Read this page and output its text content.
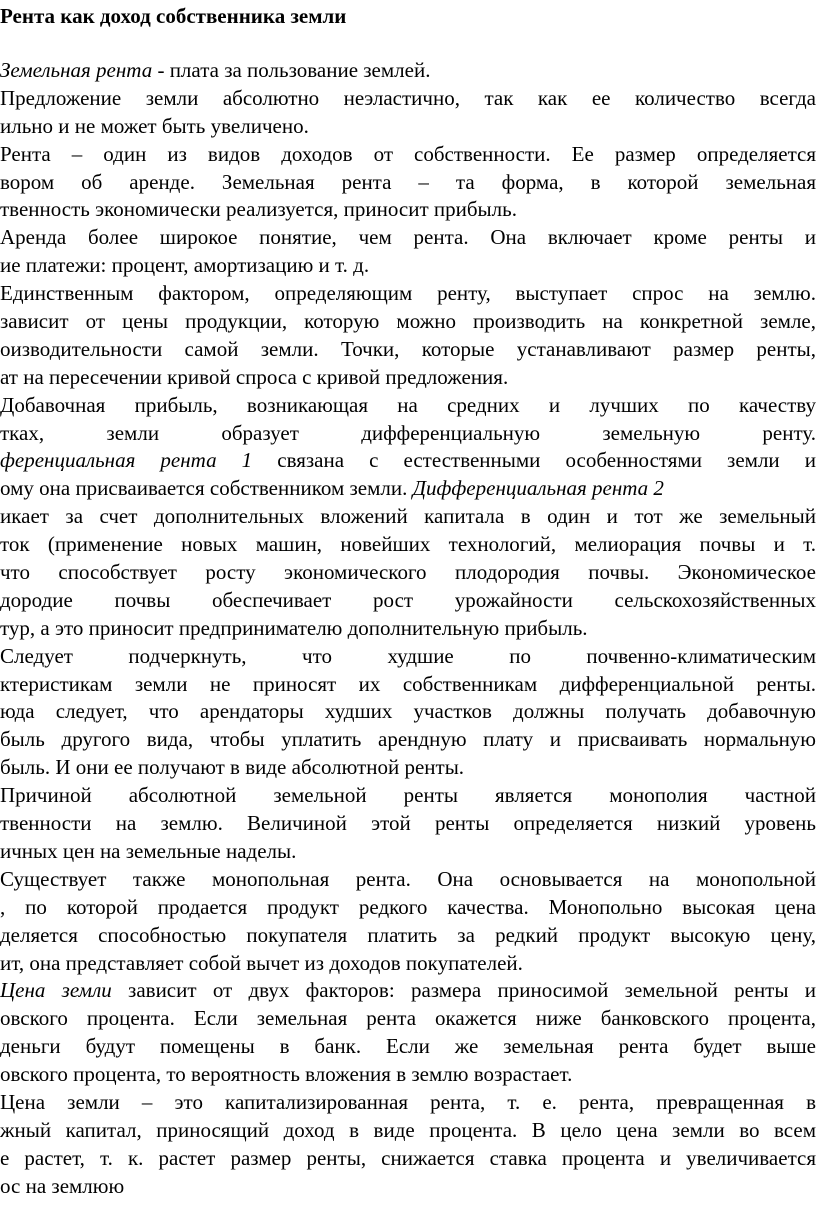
Рента как доход собственника земли
Земельная рента - плата за пользование землей.
Предложение земли абсолютно неэластично, так как ее количество всегда
ильно и не может быть увеличено.
Рента – один из видов доходов от собственности. Ее размер определяется
вором об аренде. Земельная рента – та форма, в которой земельная
твенность экономически реализуется, приносит прибыль.
Аренда более широкое понятие, чем рента. Она включает кроме ренты и
ие платежи: процент, амортизацию и т. д.
Единственным фактором, определяющим ренту, выступает спрос на землю.
зависит от цены продукции, которую можно производить на конкретной земле,
оизводительности самой земли. Точки, которые устанавливают размер ренты,
ат на пересечении кривой спроса с кривой предложения.
Добавочная прибыль, возникающая на средних и лучших по качеству
тках, земли образует дифференциальную земельную ренту.
ференциальная рента 1 связана с естественными особенностями земли и
ому она присваивается собственником земли. Дифференциальная рента 2
икает за счет дополнительных вложений капитала в один и тот же земельный
ток (применение новых машин, новейших технологий, мелиорация почвы и т.
что способствует росту экономического плодородия почвы. Экономическое
дородие почвы обеспечивает рост урожайности сельскохозяйственных
тур, а это приносит предпринимателю дополнительную прибыль.
Следует подчеркнуть, что худшие по почвенно-климатическим
ктеристикам земли не приносят их собственникам дифференциальной ренты.
юда следует, что арендаторы худших участков должны получать добавочную
быль другого вида, чтобы уплатить арендную плату и присваивать нормальную
быль. И они ее получают в виде абсолютной ренты.
Причиной абсолютной земельной ренты является монополия частной
твенности на землю. Величиной этой ренты определяется низкий уровень
ичных цен на земельные наделы.
Существует также монопольная рента. Она основывается на монопольной
, по которой продается продукт редкого качества. Монопольно высокая цена
деляется способностью покупателя платить за редкий продукт высокую цену,
ит, она представляет собой вычет из доходов покупателей.
Цена земли зависит от двух факторов: размера приносимой земельной ренты и
овского процента. Если земельная рента окажется ниже банковского процента,
деньги будут помещены в банк. Если же земельная рента будет выше
овского процента, то вероятность вложения в землю возрастает.
Цена земли – это капитализированная рента, т. е. рента, превращенная в
жный капитал, приносящий доход в виде процента. В цело цена земли во всем
е растет, т. к. растет размер ренты, снижается ставка процента и увеличивается
ос на землюю
